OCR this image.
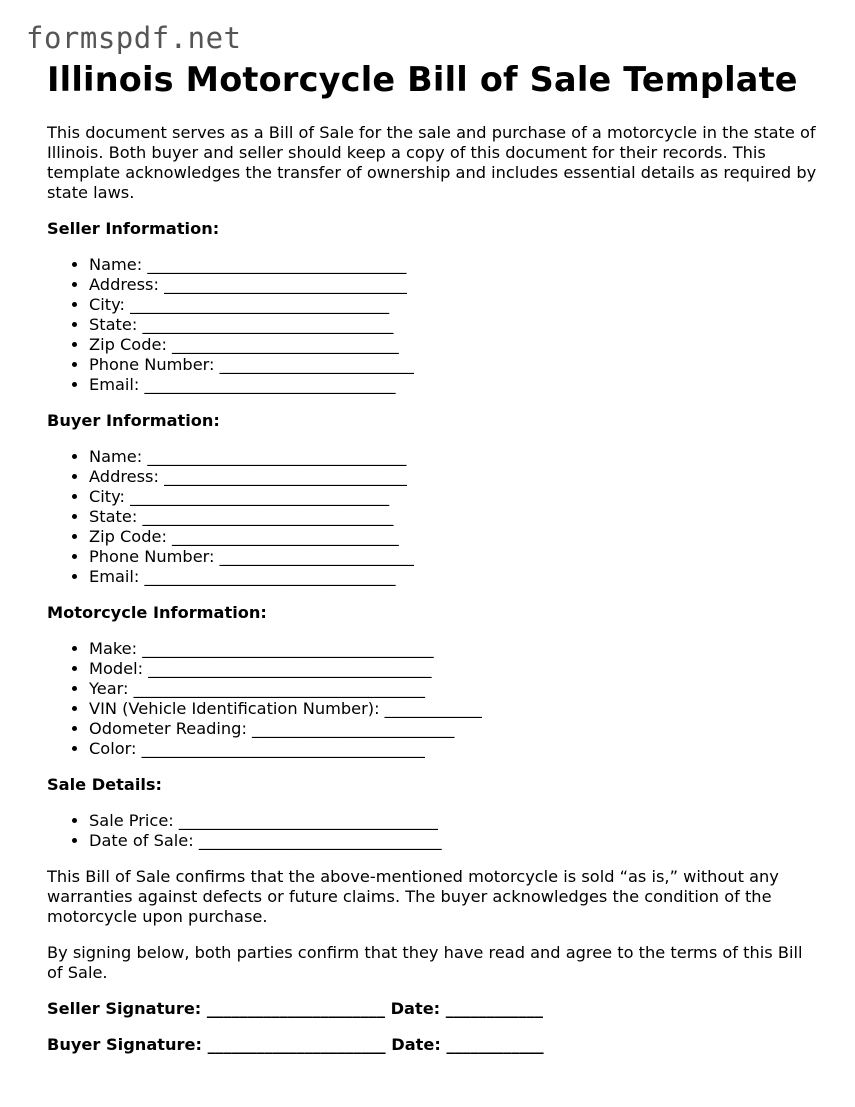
formspdf.net
Illinois Motorcycle Bill of Sale Template

This document serves as a Bill of Sale for the sale and purchase of a motorcycle in the state of Illinois. Both buyer and seller should keep a copy of this document for their records. This template acknowledges the transfer of ownership and includes essential details as required by state laws.

Seller Information:
• Name: ________________________________
• Address: ______________________________
• City: ________________________________
• State: _______________________________
• Zip Code: ____________________________
• Phone Number: ________________________
• Email: _______________________________
Buyer Information:
• Name: ________________________________
• Address: ______________________________
• City: ________________________________
• State: _______________________________
• Zip Code: ____________________________
• Phone Number: ________________________
• Email: _______________________________
Motorcycle Information:
• Make: ____________________________________
• Model: ___________________________________
• Year: ____________________________________
• VIN (Vehicle Identification Number): ____________
• Odometer Reading: _________________________
• Color: ___________________________________
Sale Details:
• Sale Price: ________________________________
• Date of Sale: ______________________________

This Bill of Sale confirms that the above-mentioned motorcycle is sold “as is,” without any warranties against defects or future claims. The buyer acknowledges the condition of the motorcycle upon purchase.

By signing below, both parties confirm that they have read and agree to the terms of this Bill of Sale.

Seller Signature: ______________________ Date: ____________
Buyer Signature: ______________________ Date: ____________
